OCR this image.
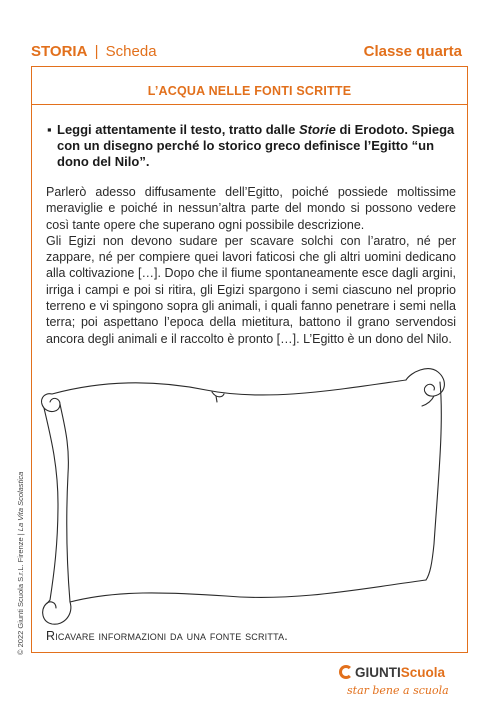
STORIA | Scheda	Classe quarta
L’ACQUA NELLE FONTI SCRITTE
▪ Leggi attentamente il testo, tratto dalle Storie di Erodoto. Spiega con un disegno perché lo storico greco definisce l’Egitto “un dono del Nilo”.

Parlerò adesso diffusamente dell’Egitto, poiché possiede moltissime meraviglie e poiché in nessun’altra parte del mondo si possono vedere così tante opere che superano ogni possibile descrizione.

Gli Egizi non devono sudare per scavare solchi con l’aratro, né per zappare, né per compiere quei lavori faticosi che gli altri uomini dedicano alla coltivazione […]. Dopo che il fiume spontaneamente esce dagli argini, irriga i campi e poi si ritira, gli Egizi spargono i semi ciascuno nel proprio terreno e vi spingono sopra gli animali, i quali fanno penetrare i semi nella terra; poi aspettano l’epoca della mietitura, battono il grano servendosi ancora degli animali e il raccolto è pronto […]. L’Egitto è un dono del Nilo.

Ricavare informazioni da una fonte scritta.
© 2022 Giunti Scuola S.r.L. Firenze | La Vita Scolastica
GIUNTIScuola
star bene a scuola
